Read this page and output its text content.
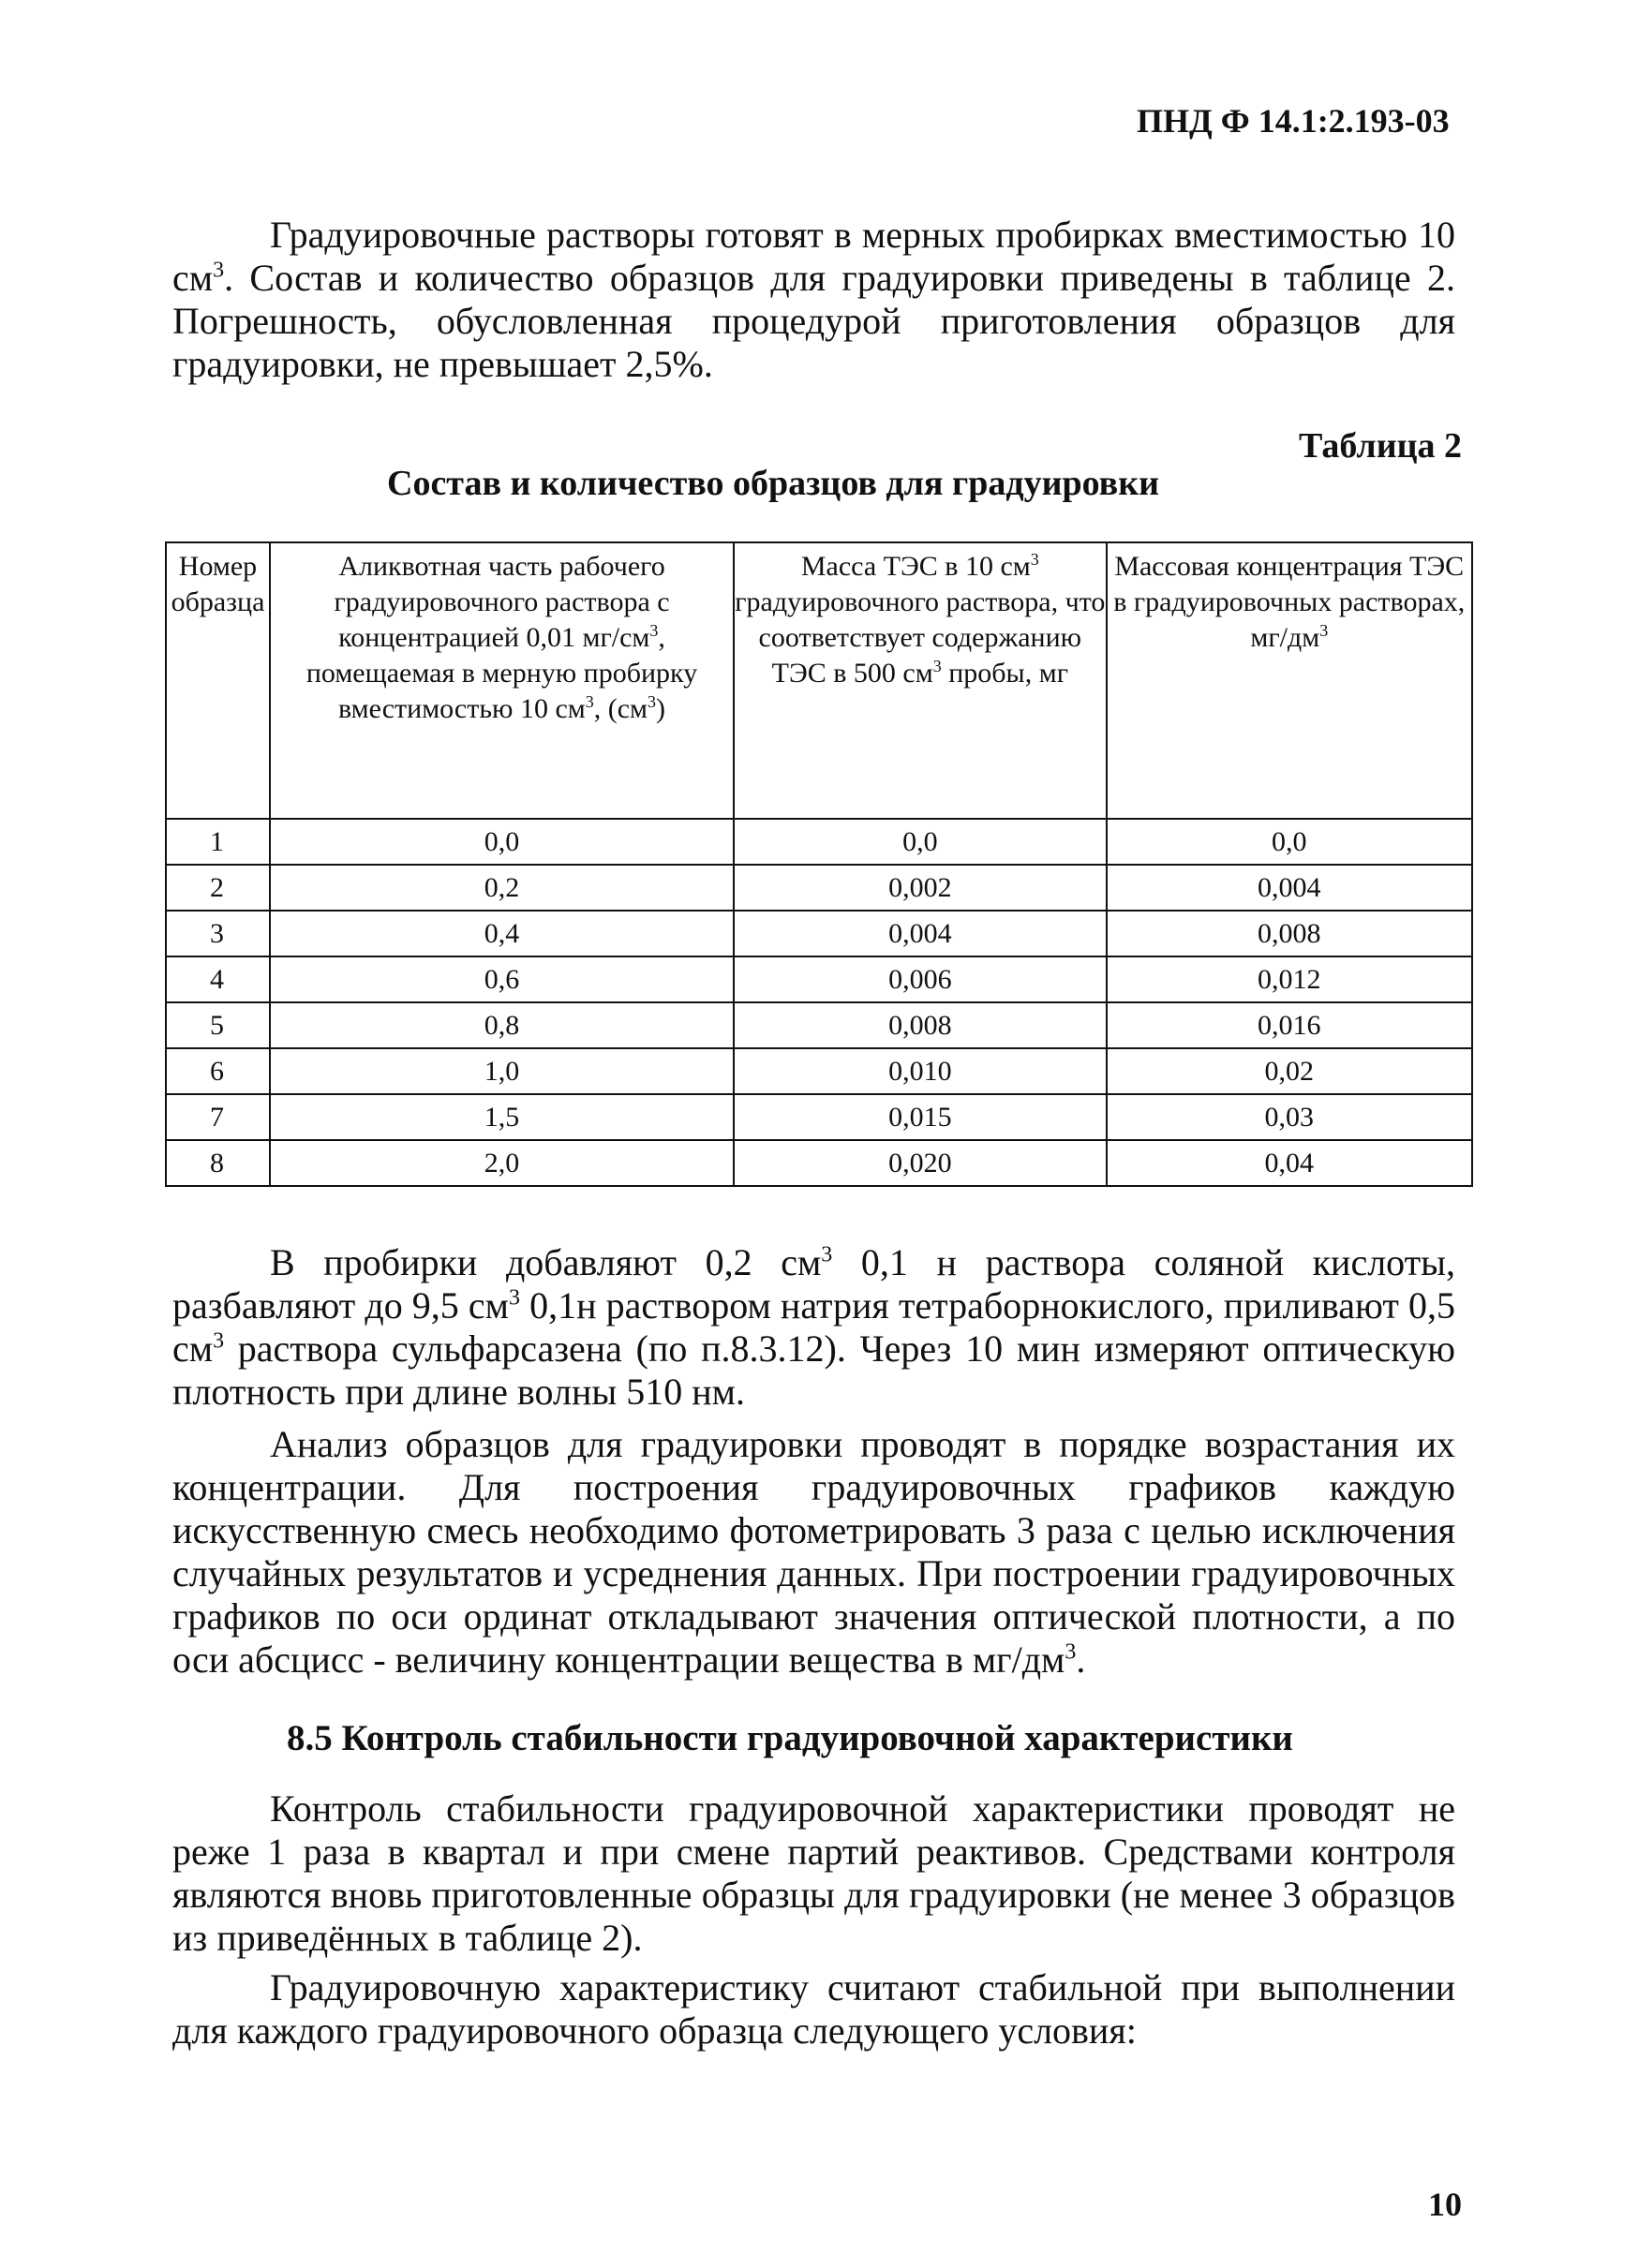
ПНД Ф 14.1:2.193-03
Градуировочные растворы готовят в мерных пробирках вместимостью 10 $см^3$. Состав и количество образцов для градуировки приведены в таблице 2. Погрешность, обусловленная процедурой приготовления образцов для градуировки, не превышает 2,5%.
Таблица 2
Состав и количество образцов для градуировки
Номер образца	Аликвотная часть рабочего градуировочного раствора с концентрацией 0,01 $мг/см^3$, помещаемая в мерную пробирку вместимостью 10 $см^3$, $(см^3)$	Масса ТЭС в 10 $см^3$ градуировочного раствора, что соответствует содержанию ТЭС в 500 $см^3$ пробы, мг	Массовая концентрация ТЭС в градуировочных растворах, $мг/дм^3$
1	0,0	0,0	0,0
2	0,2	0,002	0,004
3	0,4	0,004	0,008
4	0,6	0,006	0,012
5	0,8	0,008	0,016
6	1,0	0,010	0,02
7	1,5	0,015	0,03
8	2,0	0,020	0,04
В пробирки добавляют 0,2 $см^3$ 0,1 н раствора соляной кислоты, разбавляют до 9,5 $см^3$ 0,1н раствором натрия тетраборнокислого, приливают 0,5 $см^3$ раствора сульфарсазена (по п.8.3.12). Через 10 мин измеряют оптическую плотность при длине волны 510 нм.
Анализ образцов для градуировки проводят в порядке возрастания их концентрации. Для построения градуировочных графиков каждую искусственную смесь необходимо фотометрировать 3 раза с целью исключения случайных результатов и усреднения данных. При построении градуировочных графиков по оси ординат откладывают значения оптической плотности, а по оси абсцисс - величину концентрации вещества в $мг/дм^3$.
8.5 Контроль стабильности градуировочной характеристики
Контроль стабильности градуировочной характеристики проводят не реже 1 раза в квартал и при смене партий реактивов. Средствами контроля являются вновь приготовленные образцы для градуировки (не менее 3 образцов из приведённых в таблице 2).
Градуировочную характеристику считают стабильной при выполнении для каждого градуировочного образца следующего условия:
10
